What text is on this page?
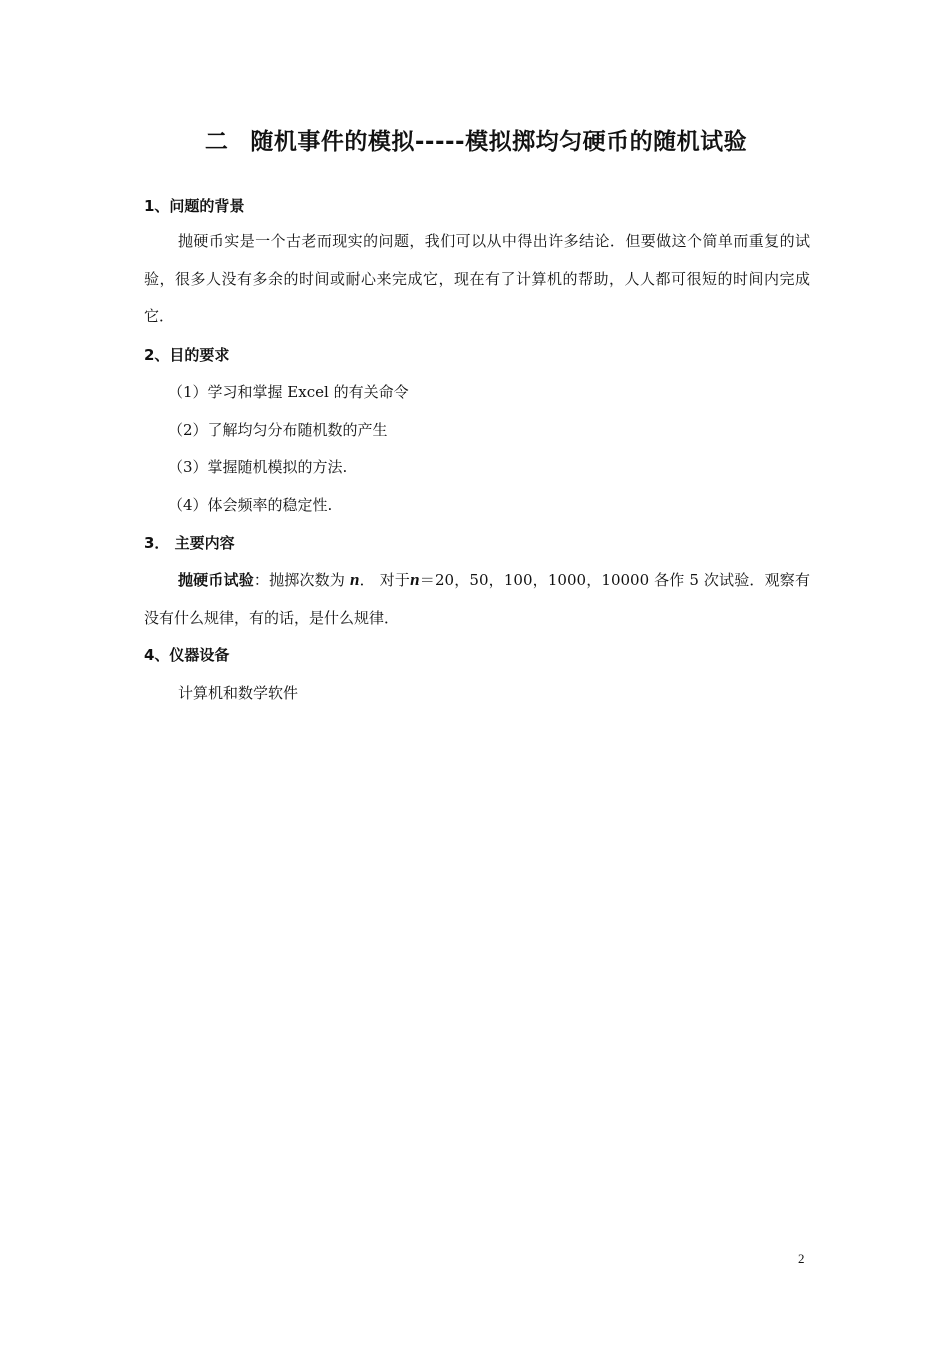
二 随机事件的模拟-----模拟掷均匀硬币的随机试验
1、问题的背景
抛硬币实是一个古老而现实的问题，我们可以从中得出许多结论．但要做这个简单而重复的试验，很多人没有多余的时间或耐心来完成它，现在有了计算机的帮助，人人都可很短的时间内完成它．
2、目的要求
（1）学习和掌握 Excel 的有关命令
（2）了解均匀分布随机数的产生
（3）掌握随机模拟的方法.
（4）体会频率的稳定性.
3． 主要内容
抛硬币试验：抛掷次数为 n． 对于n＝20，50，100，1000，10000 各作 5 次试验．观察有没有什么规律，有的话，是什么规律．
4、仪器设备
计算机和数学软件
2
